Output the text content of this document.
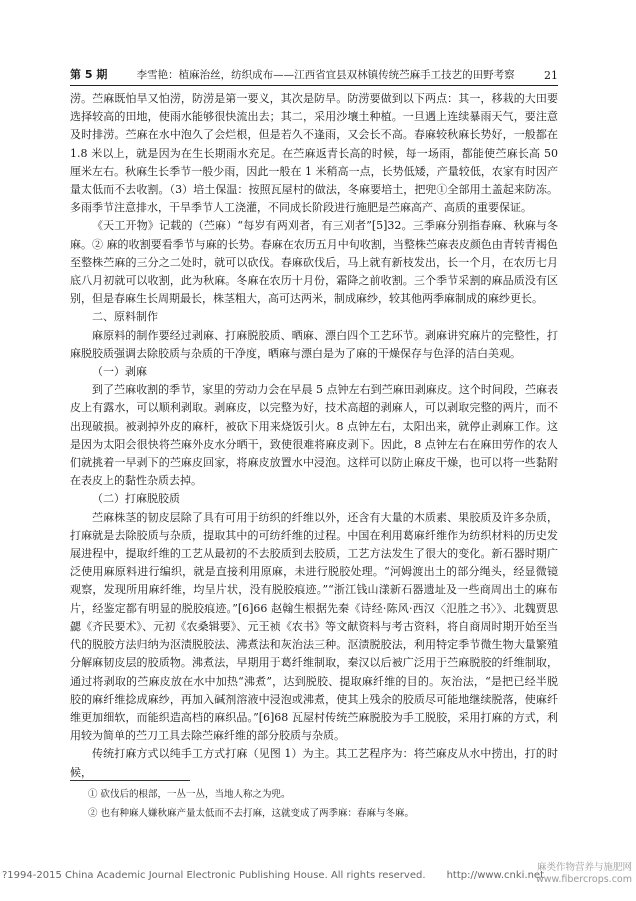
第 5 期	李雪艳：植麻治丝，纺织成布——江西省宜县双林镇传统苎麻手工技艺的田野考察	21

涝。苎麻既怕旱又怕涝，防涝是第一要义，其次是防旱。防涝要做到以下两点：其一，移栽的大田要选择较高的田地，使雨水能够很快流出去；其二，采用沙壤土种植。一旦遇上连续暴雨天气，要注意及时排涝。苎麻在水中泡久了会烂根，但是若久不逢雨，又会长不高。春麻较秋麻长势好，一般都在 1.8 米以上，就是因为在生长期雨水充足。在苎麻返青长高的时候，每一场雨，都能使苎麻长高 50 厘米左右。秋麻生长季节一般少雨，因此一般在 1 米稍高一点，长势低矮，产量较低，农家有时因产量太低而不去收割。（3）培土保温：按照瓦屋村的做法，冬麻要培土，把兜①全部用土盖起来防冻。多雨季节注意排水，干旱季节人工浇灌，不同成长阶段进行施肥是苎麻高产、高质的重要保证。

《天工开物》记载的（苎麻）“每岁有两刈者，有三刈者”[5]32。三季麻分别指春麻、秋麻与冬麻。② 麻的收割要看季节与麻的长势。春麻在农历五月中旬收割，当整株苎麻表皮颜色由青转青褐色至整株苎麻的三分之二处时，就可以砍伐。春麻砍伐后，马上就有新枝发出，长一个月，在农历七月底八月初就可以收割，此为秋麻。冬麻在农历十月份，霜降之前收割。三个季节采割的麻品质没有区别，但是春麻生长周期最长，株茎粗大，高可达两米，制成麻纱，较其他两季麻制成的麻纱更长。

二、原料制作

麻原料的制作要经过剥麻、打麻脱胶质、晒麻、漂白四个工艺环节。剥麻讲究麻片的完整性，打麻脱胶质强调去除胶质与杂质的干净度，晒麻与漂白是为了麻的干燥保存与色泽的洁白美观。

（一）剥麻

到了苎麻收割的季节，家里的劳动力会在早晨 5 点钟左右到苎麻田剥麻皮。这个时间段，苎麻表皮上有露水，可以顺利剥取。剥麻皮，以完整为好，技术高超的剥麻人，可以剥取完整的两片，而不出现破损。被剥掉外皮的麻杆，被砍下用来烧饭引火。8 点钟左右，太阳出来，就停止剥麻工作。这是因为太阳会很快将苎麻外皮水分晒干，致使很难将麻皮剥下。因此，8 点钟左右在麻田劳作的农人们就挑着一早剥下的苎麻皮回家，将麻皮放置水中浸泡。这样可以防止麻皮干燥，也可以将一些黏附在表皮上的黏性杂质去掉。

（二）打麻脱胶质

苎麻株茎的韧皮层除了具有可用于纺织的纤维以外，还含有大量的木质素、果胶质及许多杂质，打麻就是去除胶质与杂质，提取其中的可纺纤维的过程。中国在利用葛麻纤维作为纺织材料的历史发展进程中，提取纤维的工艺从最初的不去胶质到去胶质，工艺方法发生了很大的变化。新石器时期广泛使用麻原料进行编织，就是直接利用原麻，未进行脱胶处理。“河姆渡出土的部分绳头，经显微镜观察，发现所用麻纤维，均呈片状，没有脱胶痕迹。”“浙江钱山漾新石器遗址及一些商周出土的麻布片，经鉴定都有明显的脱胶痕迹。”[6]66 赵翰生根据先秦《诗经·陈风·西汉〈氾胜之书〉》、北魏贾思勰《齐民要术》、元初《农桑辑要》、元王祯《农书》等文献资料与考古资料，将自商周时期开始至当代的脱胶方法归纳为沤渍脱胶法、沸煮法和灰治法三种。沤渍脱胶法，利用特定季节微生物大量繁殖分解麻韧皮层的胶质物。沸煮法，早期用于葛纤维制取，秦汉以后被广泛用于苎麻脱胶的纤维制取，通过将剥取的苎麻皮放在水中加热“沸煮”，达到脱胶、提取麻纤维的目的。灰治法，“是把已经半脱胶的麻纤维捻成麻纱，再加入碱剂溶液中浸泡或沸煮，使其上残余的胶质尽可能地继续脱落，使麻纤维更加细软，而能织造高档的麻织品。”[6]68 瓦屋村传统苎麻脱胶为手工脱胶，采用打麻的方式，利用较为简单的苎刀工具去除苎麻纤维的部分胶质与杂质。

传统打麻方式以纯手工方式打麻（见图 1）为主。其工艺程序为：将苎麻皮从水中捞出，打的时候，

① 砍伐后的根部，一丛一丛，当地人称之为兜。
② 也有种麻人嫌秋麻产量太低而不去打麻，这就变成了两季麻：春麻与冬麻。
?1994-2015 China Academic Journal Electronic Publishing House. All rights reserved. http://www.cnki.net
麻类作物营养与施肥网
www.fibercrops.com
